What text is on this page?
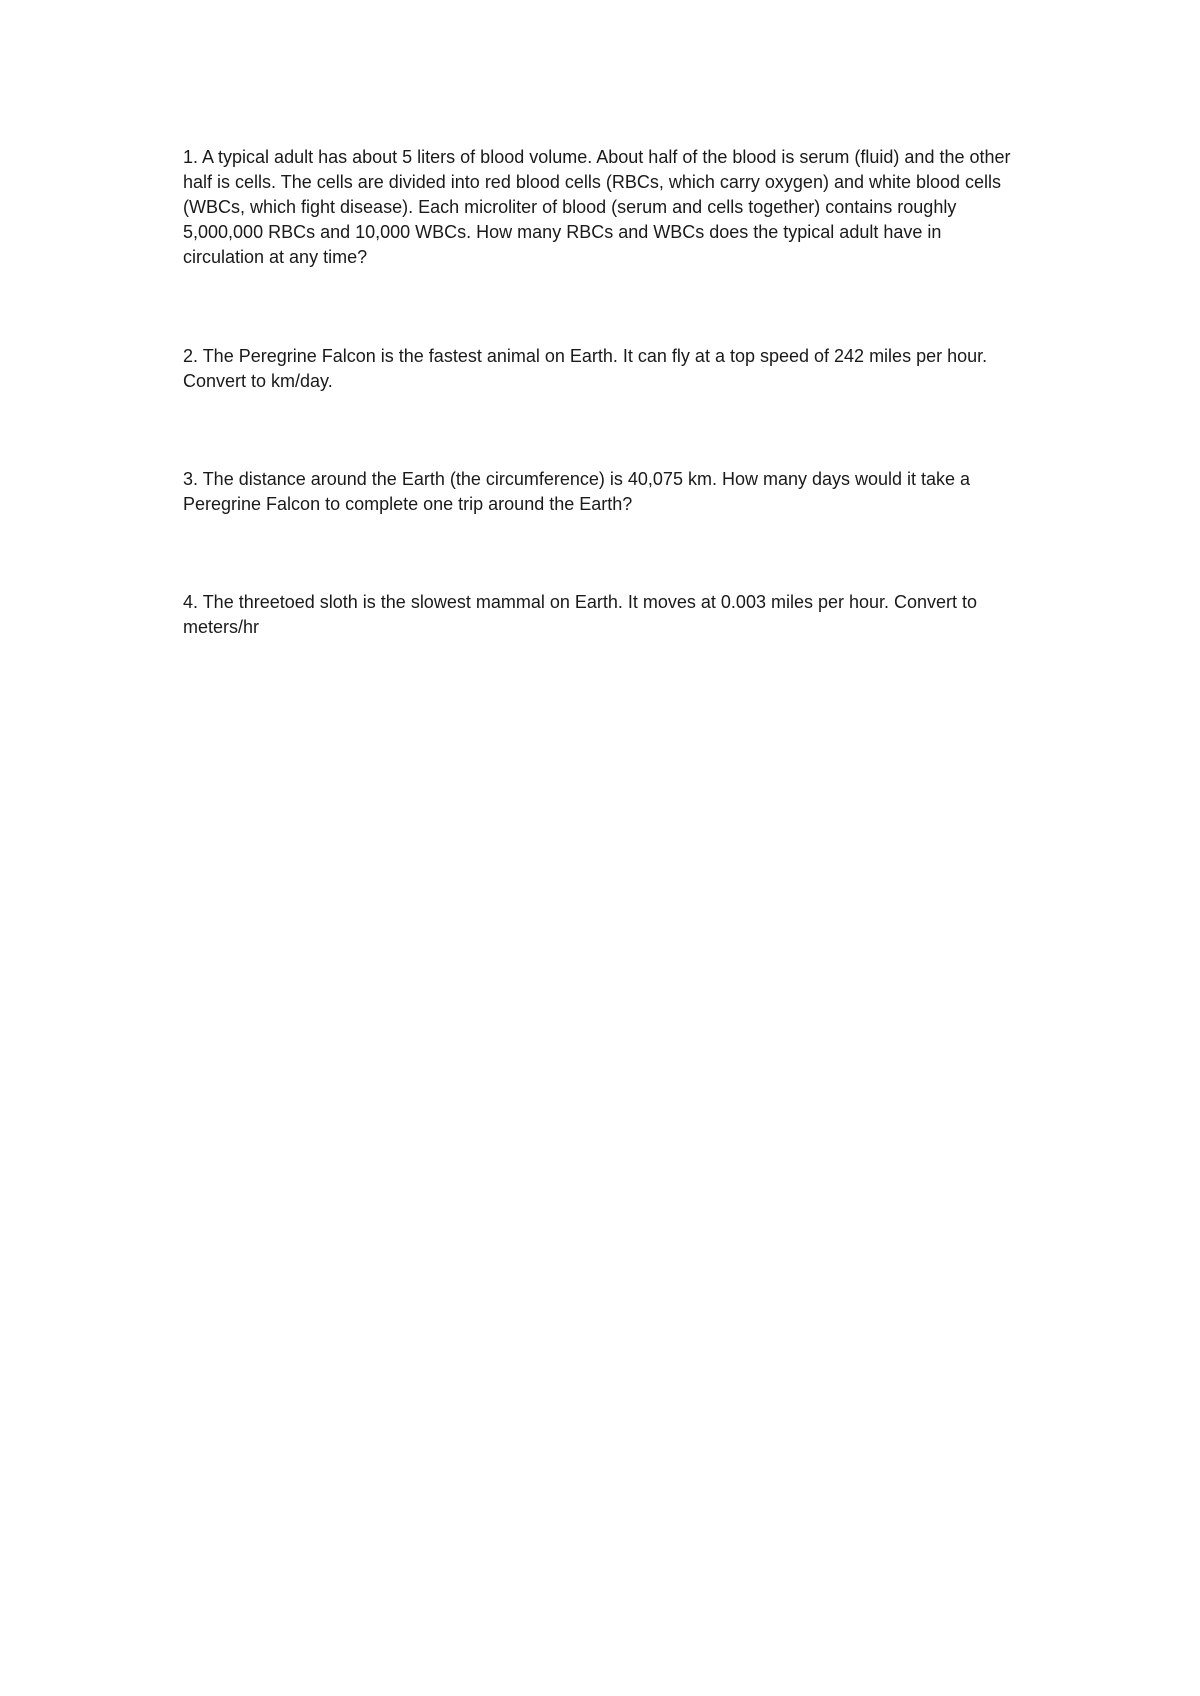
1. A typical adult has about 5 liters of blood volume. About half of the blood is serum (fluid) and the other half is cells. The cells are divided into red blood cells (RBCs, which carry oxygen) and white blood cells (WBCs, which fight disease). Each microliter of blood (serum and cells together) contains roughly 5,000,000 RBCs and 10,000 WBCs. How many RBCs and WBCs does the typical adult have in circulation at any time?

2. The Peregrine Falcon is the fastest animal on Earth. It can fly at a top speed of 242 miles per hour. Convert to km/day.

3. The distance around the Earth (the circumference) is 40,075 km. How many days would it take a Peregrine Falcon to complete one trip around the Earth?

4. The threetoed sloth is the slowest mammal on Earth. It moves at 0.003 miles per hour. Convert to meters/hr
